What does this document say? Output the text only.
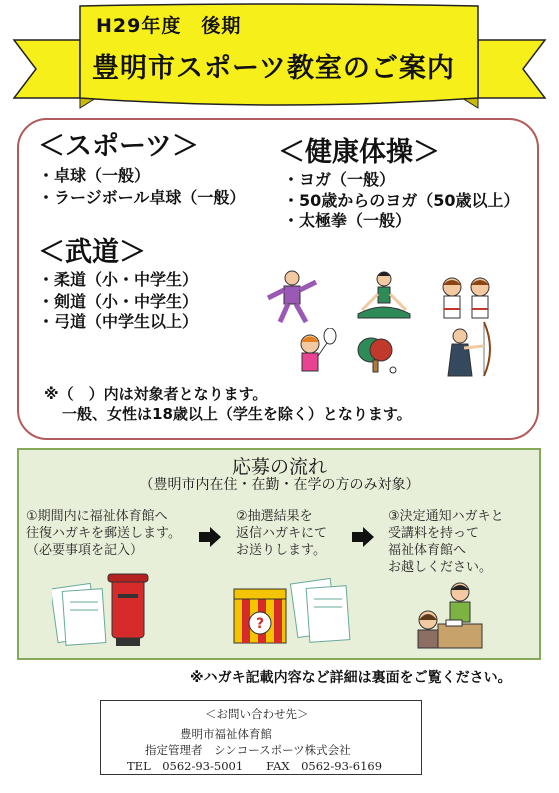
H29年度　後期
豊明市スポーツ教室のご案内
＜スポーツ＞
・卓球（一般）
・ラージボール卓球（一般）
＜健康体操＞
・ヨガ（一般）
・50歳からのヨガ（50歳以上）
・太極拳（一般）
＜武道＞
・柔道（小・中学生）
・剣道（小・中学生）
・弓道（中学生以上）
※（　）内は対象者となります。
一般、女性は18歳以上（学生を除く）となります。
応募の流れ
（豊明市内在住・在勤・在学の方のみ対象）
①期間内に福祉体育館へ
往復ハガキを郵送します。
（必要事項を記入）
②抽選結果を
返信ハガキにて
お送りします。
③決定通知ハガキと
受講料を持って
福祉体育館へ
お越しください。
?
※ハガキ記載内容など詳細は裏面をご覧ください。
＜お問い合わせ先＞
豊明市福祉体育館
指定管理者　シンコースポーツ株式会社
TEL　0562-93-5001　　FAX　0562-93-6169
